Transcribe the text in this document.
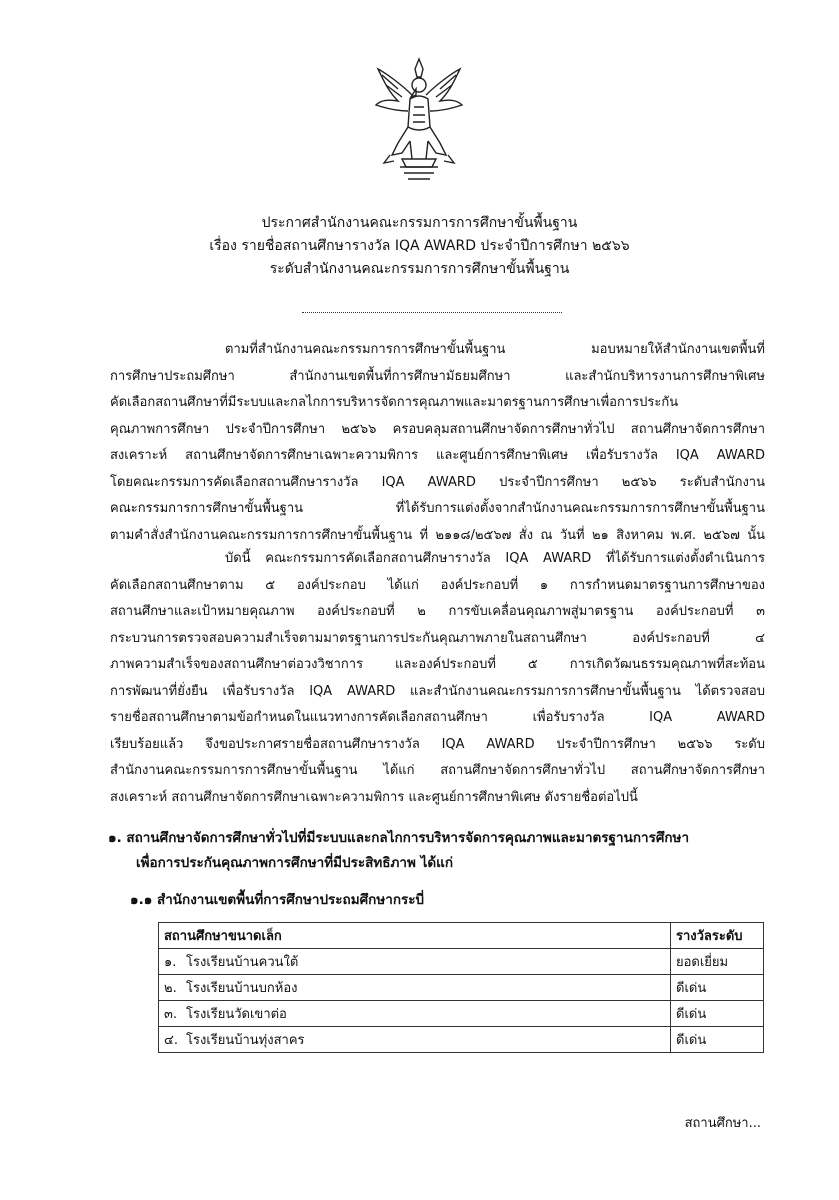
ประกาศสำนักงานคณะกรรมการการศึกษาขั้นพื้นฐาน
เรื่อง รายชื่อสถานศึกษารางวัล IQA AWARD ประจำปีการศึกษา ๒๕๖๖
ระดับสำนักงานคณะกรรมการการศึกษาขั้นพื้นฐาน
ตามที่สำนักงานคณะกรรมการการศึกษาขั้นพื้นฐาน มอบหมายให้สำนักงานเขตพื้นที่
การศึกษาประถมศึกษา สำนักงานเขตพื้นที่การศึกษามัธยมศึกษา และสำนักบริหารงานการศึกษาพิเศษ
คัดเลือกสถานศึกษาที่มีระบบและกลไกการบริหารจัดการคุณภาพและมาตรฐานการศึกษาเพื่อการประกัน
คุณภาพการศึกษา ประจำปีการศึกษา ๒๕๖๖ ครอบคลุมสถานศึกษาจัดการศึกษาทั่วไป สถานศึกษาจัดการศึกษา
สงเคราะห์ สถานศึกษาจัดการศึกษาเฉพาะความพิการ และศูนย์การศึกษาพิเศษ เพื่อรับรางวัล IQA AWARD
โดยคณะกรรมการคัดเลือกสถานศึกษารางวัล IQA AWARD ประจำปีการศึกษา ๒๕๖๖ ระดับสำนักงาน
คณะกรรมการการศึกษาขั้นพื้นฐาน ที่ได้รับการแต่งตั้งจากสำนักงานคณะกรรมการการศึกษาขั้นพื้นฐาน
ตามคำสั่งสำนักงานคณะกรรมการการศึกษาขั้นพื้นฐาน ที่ ๒๑๑๘/๒๕๖๗ สั่ง ณ วันที่ ๒๑ สิงหาคม พ.ศ. ๒๕๖๗ นั้น
บัดนี้ คณะกรรมการคัดเลือกสถานศึกษารางวัล IQA AWARD ที่ได้รับการแต่งตั้งดำเนินการ
คัดเลือกสถานศึกษาตาม ๕ องค์ประกอบ ได้แก่ องค์ประกอบที่ ๑ การกำหนดมาตรฐานการศึกษาของ
สถานศึกษาและเป้าหมายคุณภาพ องค์ประกอบที่ ๒ การขับเคลื่อนคุณภาพสู่มาตรฐาน องค์ประกอบที่ ๓
กระบวนการตรวจสอบความสำเร็จตามมาตรฐานการประกันคุณภาพภายในสถานศึกษา องค์ประกอบที่ ๔
ภาพความสำเร็จของสถานศึกษาต่อวงวิชาการ และองค์ประกอบที่ ๕ การเกิดวัฒนธรรมคุณภาพที่สะท้อน
การพัฒนาที่ยั่งยืน เพื่อรับรางวัล IQA AWARD และสำนักงานคณะกรรมการการศึกษาขั้นพื้นฐาน ได้ตรวจสอบ
รายชื่อสถานศึกษาตามข้อกำหนดในแนวทางการคัดเลือกสถานศึกษา เพื่อรับรางวัล IQA AWARD
เรียบร้อยแล้ว จึงขอประกาศรายชื่อสถานศึกษารางวัล IQA AWARD ประจำปีการศึกษา ๒๕๖๖ ระดับ
สำนักงานคณะกรรมการการศึกษาขั้นพื้นฐาน ได้แก่ สถานศึกษาจัดการศึกษาทั่วไป สถานศึกษาจัดการศึกษา
สงเคราะห์ สถานศึกษาจัดการศึกษาเฉพาะความพิการ และศูนย์การศึกษาพิเศษ ดังรายชื่อต่อไปนี้
๑. สถานศึกษาจัดการศึกษาทั่วไปที่มีระบบและกลไกการบริหารจัดการคุณภาพและมาตรฐานการศึกษา
เพื่อการประกันคุณภาพการศึกษาที่มีประสิทธิภาพ ได้แก่
๑.๑ สำนักงานเขตพื้นที่การศึกษาประถมศึกษากระบี่
สถานศึกษาขนาดเล็ก	รางวัลระดับ
๑. โรงเรียนบ้านควนใต้	ยอดเยี่ยม
๒. โรงเรียนบ้านบกห้อง	ดีเด่น
๓. โรงเรียนวัดเขาต่อ	ดีเด่น
๔. โรงเรียนบ้านทุ่งสาคร	ดีเด่น
สถานศึกษา...
